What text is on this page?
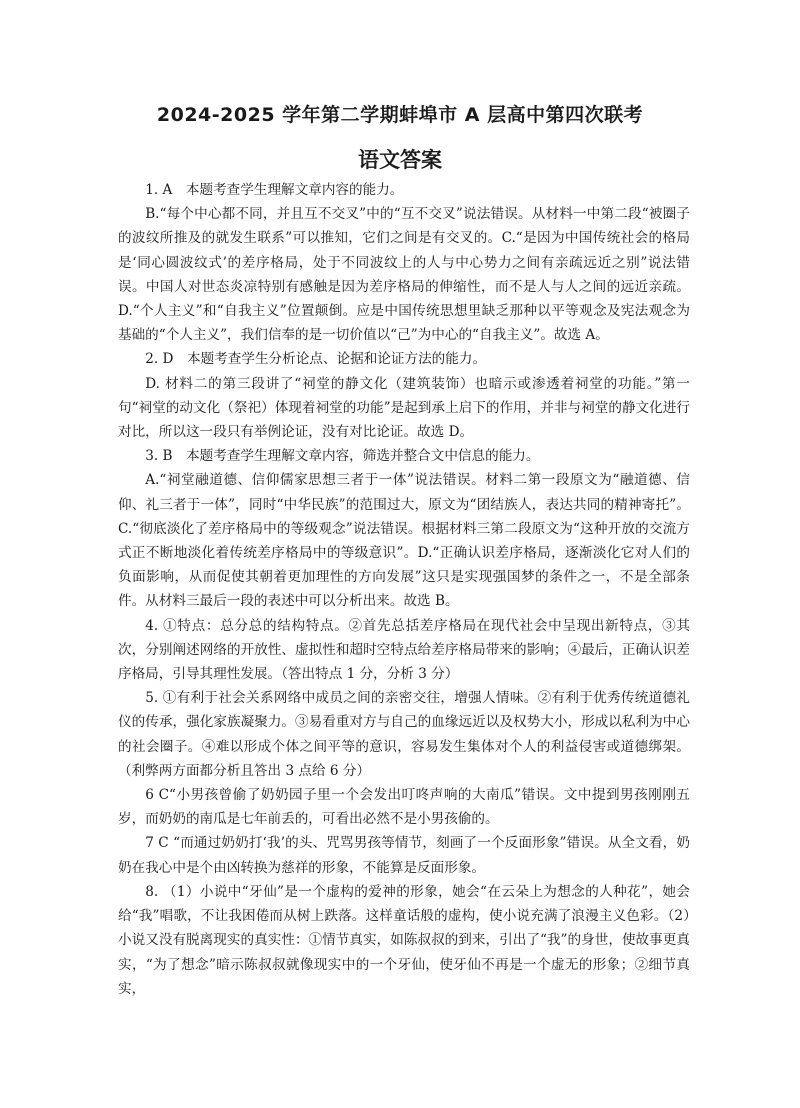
2024-2025 学年第二学期蚌埠市 A 层高中第四次联考
语文答案

1. A　本题考查学生理解文章内容的能力。

B.“每个中心都不同，并且互不交叉”中的“互不交叉”说法错误。从材料一中第二段“被圈子的波纹所推及的就发生联系”可以推知，它们之间是有交叉的。C.“是因为中国传统社会的格局是‘同心圆波纹式’的差序格局，处于不同波纹上的人与中心势力之间有亲疏远近之别”说法错误。中国人对世态炎凉特别有感触是因为差序格局的伸缩性，而不是人与人之间的远近亲疏。D.“个人主义”和“自我主义”位置颠倒。应是中国传统思想里缺乏那种以平等观念及宪法观念为基础的“个人主义”，我们信奉的是一切价值以“己”为中心的“自我主义”。故选 A。

2. D　本题考查学生分析论点、论据和论证方法的能力。

D. 材料二的第三段讲了“祠堂的静文化（建筑装饰）也暗示或渗透着祠堂的功能。”第一句“祠堂的动文化（祭祀）体现着祠堂的功能”是起到承上启下的作用，并非与祠堂的静文化进行对比，所以这一段只有举例论证，没有对比论证。故选 D。

3. B　本题考查学生理解文章内容，筛选并整合文中信息的能力。

A.“祠堂融道德、信仰儒家思想三者于一体”说法错误。材料二第一段原文为“融道德、信仰、礼三者于一体”，同时“中华民族”的范围过大，原文为“团结族人，表达共同的精神寄托”。C.“彻底淡化了差序格局中的等级观念”说法错误。根据材料三第二段原文为“这种开放的交流方式正不断地淡化着传统差序格局中的等级意识”。D.“正确认识差序格局，逐渐淡化它对人们的负面影响，从而促使其朝着更加理性的方向发展”这只是实现强国梦的条件之一，不是全部条件。从材料三最后一段的表述中可以分析出来。故选 B。

4. ①特点：总分总的结构特点。②首先总括差序格局在现代社会中呈现出新特点，③其次，分别阐述网络的开放性、虚拟性和超时空特点给差序格局带来的影响；④最后，正确认识差序格局，引导其理性发展。（答出特点 1 分，分析 3 分）

5. ①有利于社会关系网络中成员之间的亲密交往，增强人情味。②有利于优秀传统道德礼仪的传承，强化家族凝聚力。③易看重对方与自己的血缘远近以及权势大小，形成以私利为中心的社会圈子。④难以形成个体之间平等的意识，容易发生集体对个人的利益侵害或道德绑架。（利弊两方面都分析且答出 3 点给 6 分）

6 C“小男孩曾偷了奶奶园子里一个会发出叮咚声响的大南瓜”错误。文中提到男孩刚刚五岁，而奶奶的南瓜是七年前丢的，可看出必然不是小男孩偷的。

7 C “而通过奶奶打‘我’的头、咒骂男孩等情节，刻画了一个反面形象”错误。从全文看，奶奶在我心中是个由凶转换为慈祥的形象，不能算是反面形象。

8. （1）小说中“牙仙”是一个虚构的爱神的形象，她会“在云朵上为想念的人种花”，她会给“我”唱歌，不让我困倦而从树上跌落。这样童话般的虚构，使小说充满了浪漫主义色彩。（2）小说又没有脱离现实的真实性：①情节真实，如陈叔叔的到来，引出了“我”的身世，使故事更真实，“为了想念”暗示陈叔叔就像现实中的一个牙仙，使牙仙不再是一个虚无的形象；②细节真实，
